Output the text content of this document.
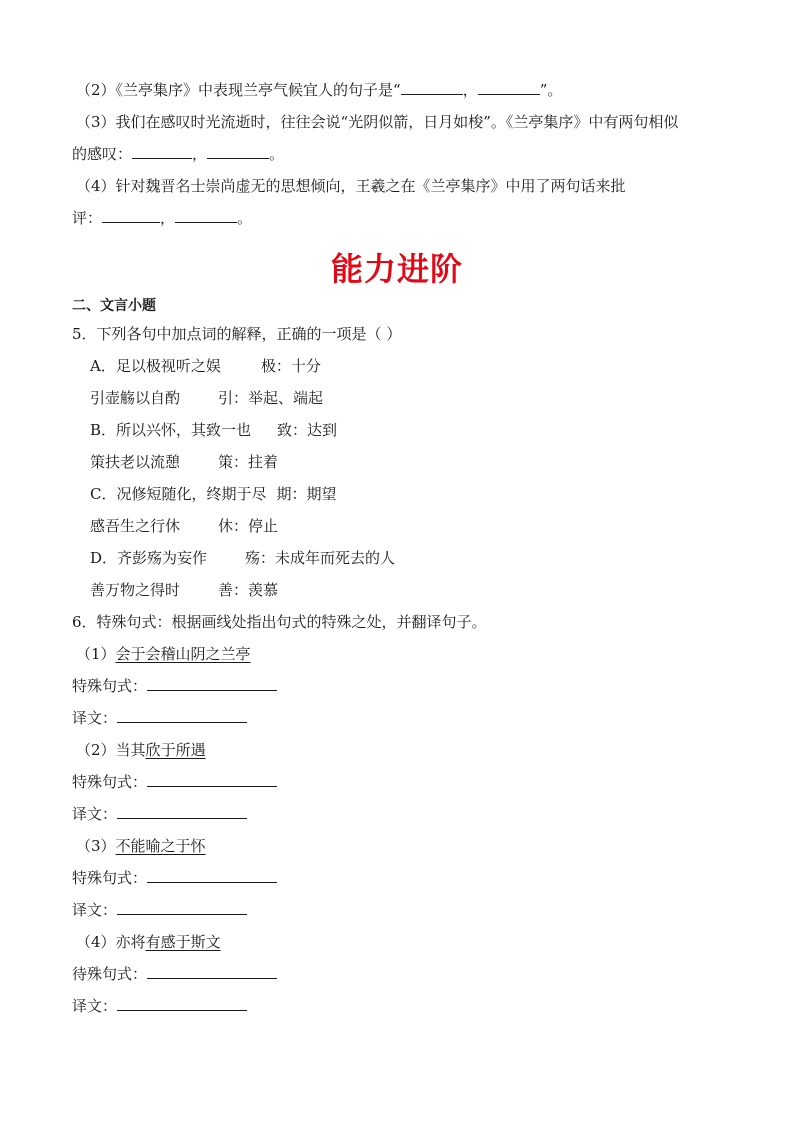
（2）《兰亭集序》中表现兰亭气候宜人的句子是“	，	”。
（3）我们在感叹时光流逝时，往往会说“光阴似箭，日月如梭”。《兰亭集序》中有两句相似
的感叹：	，	。
（4）针对魏晋名士崇尚虚无的思想倾向，王羲之在《兰亭集序》中用了两句话来批
评：	，	。
能力进阶
二、文言小题
5．下列各句中加点词的解释，正确的一项是（ ）
A．足以极视听之娱	极：十分
引壶觞以自酌	引：举起、端起
B．所以兴怀，其致一也 致：达到
策扶老以流憩	策：拄着
C．况修短随化，终期于尽 期：期望
感吾生之行休	休：停止
D．齐彭殇为妄作	殇：未成年而死去的人
善万物之得时	善：羡慕
6．特殊句式：根据画线处指出句式的特殊之处，并翻译句子。
（1）会于会稽山阴之兰亭
特殊句式：
译文：
（2）当其欣于所遇
特殊句式：
译文：
（3）不能喻之于怀
特殊句式：
译文：
（4）亦将有感于斯文
待殊句式：
译文：
